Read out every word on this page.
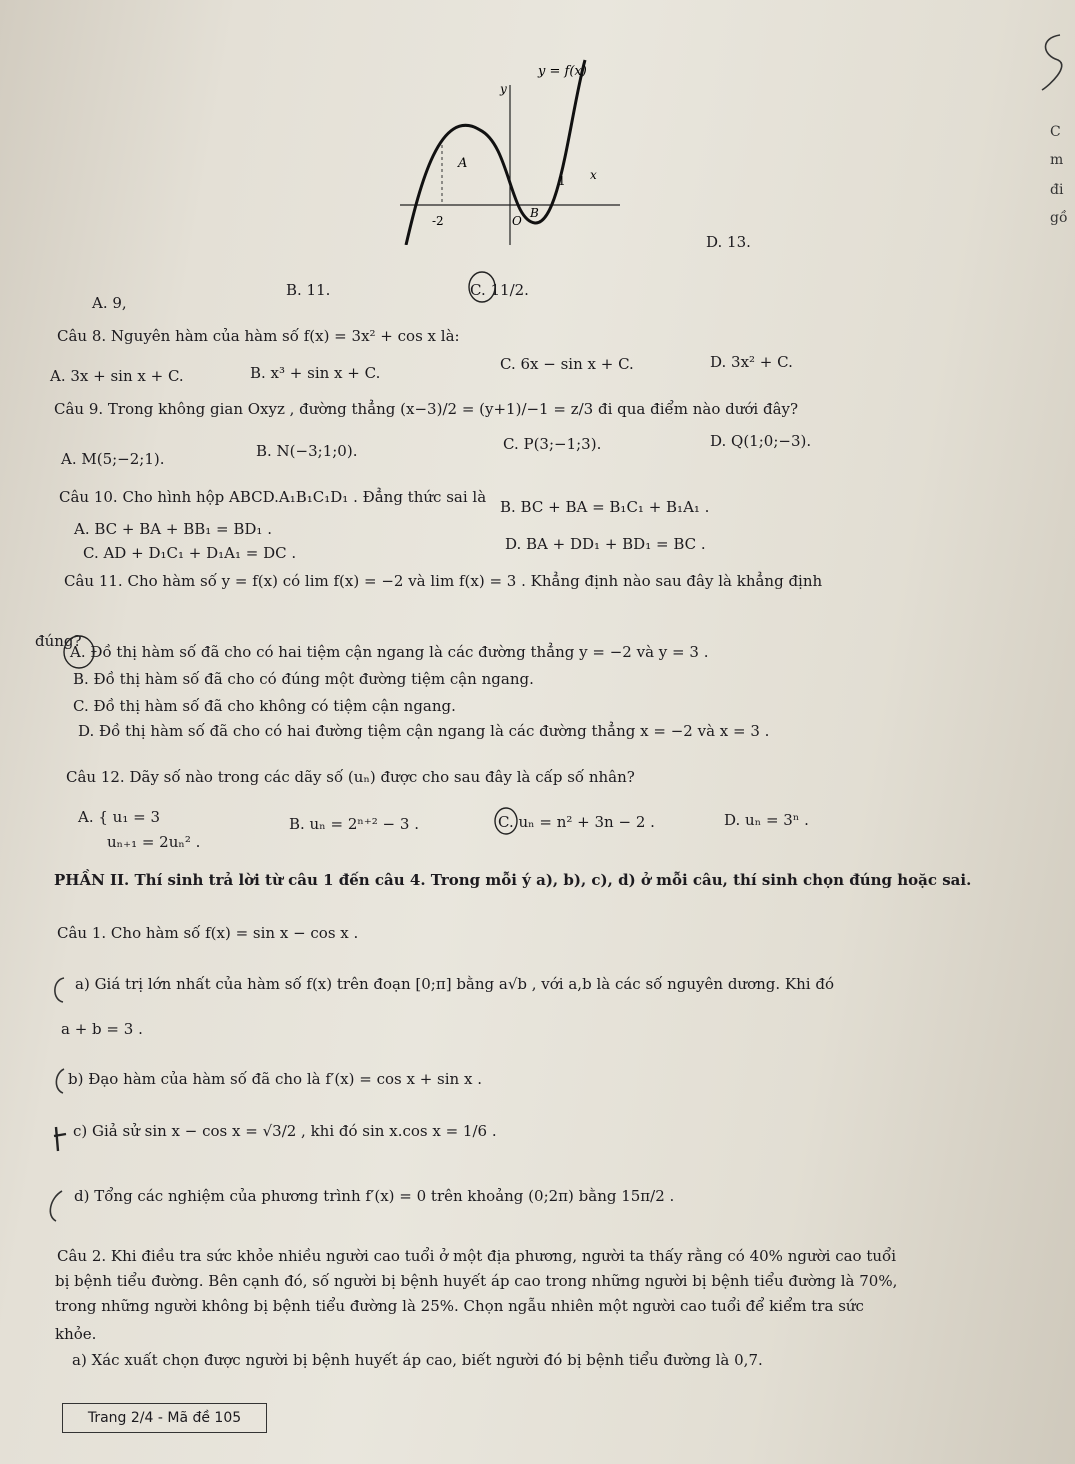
C
m
đi
gồ
y = f(x)
y
x
A
B
O
-2
1
A. 9,
B. 11.	C. 11/2.
D. 13.
Câu 8. Nguyên hàm của hàm số f(x) = 3x² + cos x là:
A. 3x + sin x + C.	B. x³ + sin x + C.	C. 6x − sin x + C.	D. 3x² + C.
Câu 9. Trong không gian Oxyz , đường thẳng (x−3)/2 = (y+1)/−1 = z/3 đi qua điểm nào dưới đây?
A. M(5;−2;1).	B. N(−3;1;0).	C. P(3;−1;3).	D. Q(1;0;−3).
Câu 10. Cho hình hộp ABCD.A₁B₁C₁D₁ . Đẳng thức sai là
A. BC + BA + BB₁ = BD₁ .
B. BC + BA = B₁C₁ + B₁A₁ .
C. AD + D₁C₁ + D₁A₁ = DC .	D. BA + DD₁ + BD₁ = BC .
Câu 11. Cho hàm số y = f(x) có lim f(x) = −2 và lim f(x) = 3 . Khẳng định nào sau đây là khẳng định
đúng?
A. Đồ thị hàm số đã cho có hai tiệm cận ngang là các đường thẳng y = −2 và y = 3 .
B. Đồ thị hàm số đã cho có đúng một đường tiệm cận ngang.
C. Đồ thị hàm số đã cho không có tiệm cận ngang.
D. Đồ thị hàm số đã cho có hai đường tiệm cận ngang là các đường thẳng x = −2 và x = 3 .
Câu 12. Dãy số nào trong các dãy số (uₙ) được cho sau đây là cấp số nhân?
A. { u₁ = 3
uₙ₊₁ = 2uₙ² .
B. uₙ = 2ⁿ⁺² − 3 .	C. uₙ = n² + 3n − 2 .	D. uₙ = 3ⁿ .
PHẦN II. Thí sinh trả lời từ câu 1 đến câu 4. Trong mỗi ý a), b), c), d) ở mỗi câu, thí sinh chọn đúng hoặc sai.
Câu 1. Cho hàm số f(x) = sin x − cos x .
a) Giá trị lớn nhất của hàm số f(x) trên đoạn [0;π] bằng a√b , với a,b là các số nguyên dương. Khi đó
a + b = 3 .
b) Đạo hàm của hàm số đã cho là f′(x) = cos x + sin x .
c) Giả sử sin x − cos x = √3/2 , khi đó sin x.cos x = 1/6 .
d) Tổng các nghiệm của phương trình f′(x) = 0 trên khoảng (0;2π) bằng 15π/2 .
Câu 2. Khi điều tra sức khỏe nhiều người cao tuổi ở một địa phương, người ta thấy rằng có 40% người cao tuổi
bị bệnh tiểu đường. Bên cạnh đó, số người bị bệnh huyết áp cao trong những người bị bệnh tiểu đường là 70%,
trong những người không bị bệnh tiểu đường là 25%. Chọn ngẫu nhiên một người cao tuổi để kiểm tra sức
khỏe.
a) Xác xuất chọn được người bị bệnh huyết áp cao, biết người đó bị bệnh tiểu đường là 0,7.
Trang 2/4 - Mã đề 105
